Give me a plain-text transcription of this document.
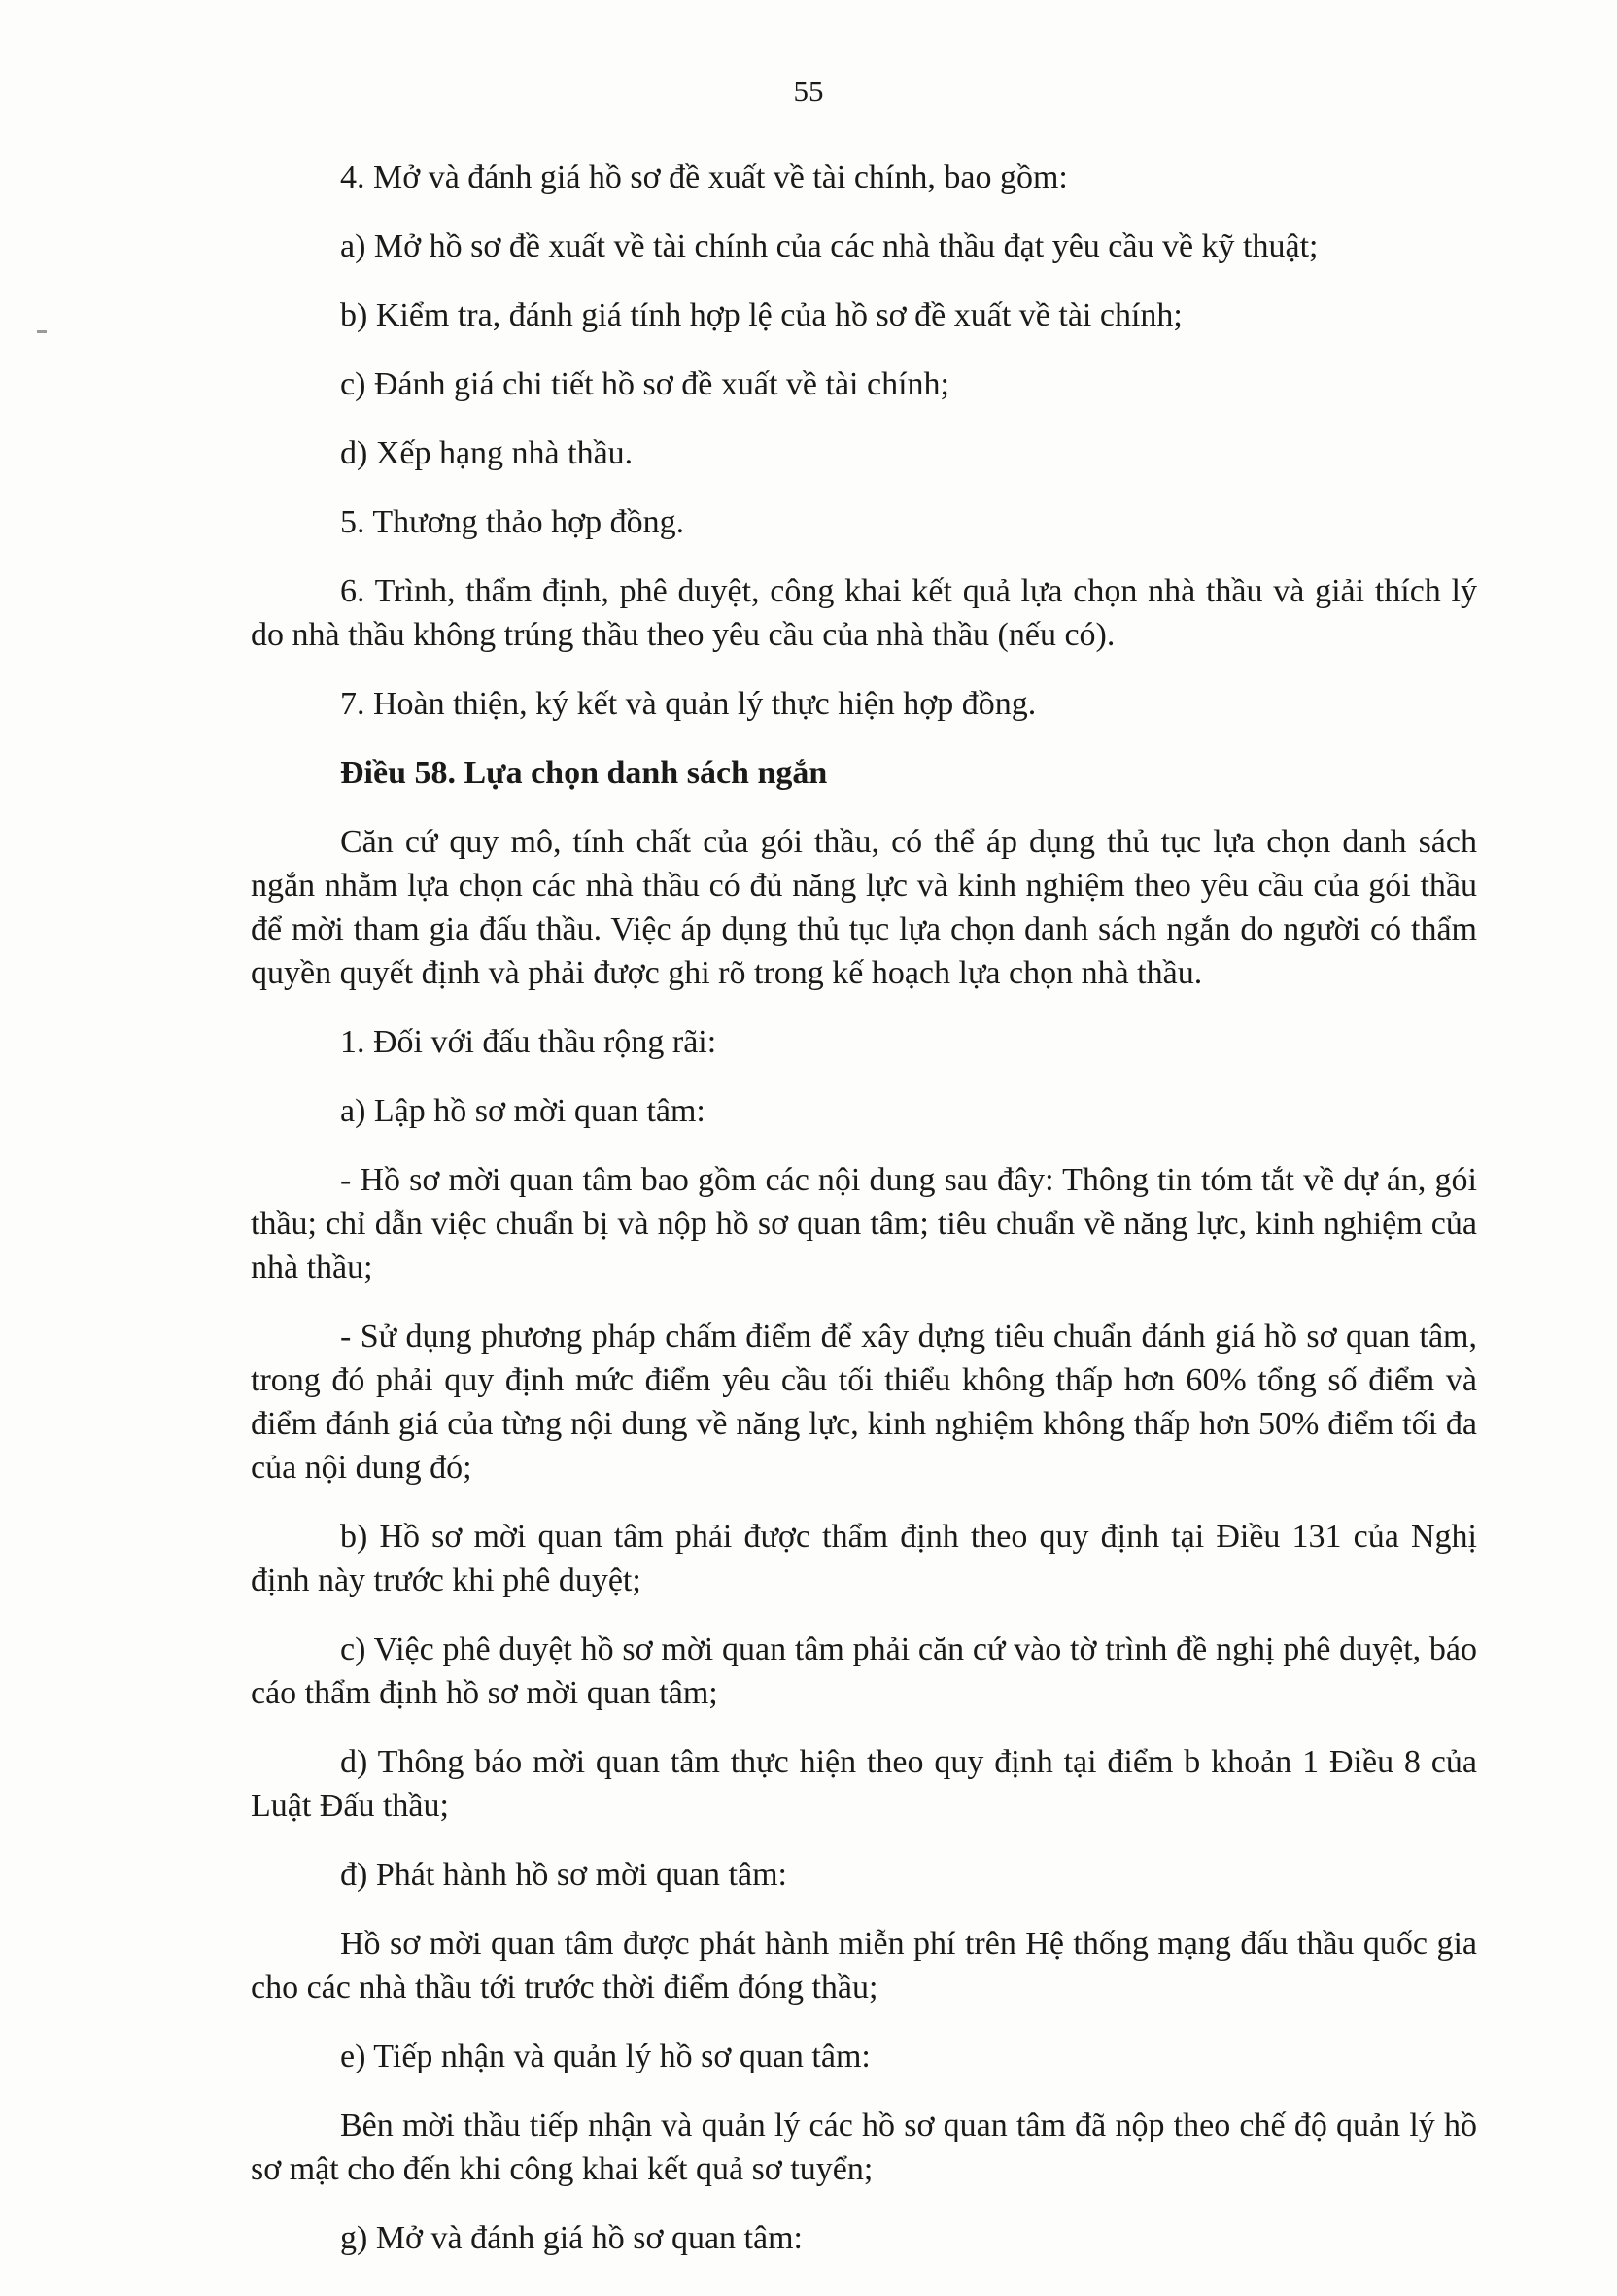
55

4. Mở và đánh giá hồ sơ đề xuất về tài chính, bao gồm:

a) Mở hồ sơ đề xuất về tài chính của các nhà thầu đạt yêu cầu về kỹ thuật;

b) Kiểm tra, đánh giá tính hợp lệ của hồ sơ đề xuất về tài chính;

c) Đánh giá chi tiết hồ sơ đề xuất về tài chính;

d) Xếp hạng nhà thầu.

5. Thương thảo hợp đồng.

6. Trình, thẩm định, phê duyệt, công khai kết quả lựa chọn nhà thầu và giải thích lý do nhà thầu không trúng thầu theo yêu cầu của nhà thầu (nếu có).

7. Hoàn thiện, ký kết và quản lý thực hiện hợp đồng.

Điều 58. Lựa chọn danh sách ngắn

Căn cứ quy mô, tính chất của gói thầu, có thể áp dụng thủ tục lựa chọn danh sách ngắn nhằm lựa chọn các nhà thầu có đủ năng lực và kinh nghiệm theo yêu cầu của gói thầu để mời tham gia đấu thầu. Việc áp dụng thủ tục lựa chọn danh sách ngắn do người có thẩm quyền quyết định và phải được ghi rõ trong kế hoạch lựa chọn nhà thầu.

1. Đối với đấu thầu rộng rãi:

a) Lập hồ sơ mời quan tâm:

- Hồ sơ mời quan tâm bao gồm các nội dung sau đây: Thông tin tóm tắt về dự án, gói thầu; chỉ dẫn việc chuẩn bị và nộp hồ sơ quan tâm; tiêu chuẩn về năng lực, kinh nghiệm của nhà thầu;

- Sử dụng phương pháp chấm điểm để xây dựng tiêu chuẩn đánh giá hồ sơ quan tâm, trong đó phải quy định mức điểm yêu cầu tối thiểu không thấp hơn 60% tổng số điểm và điểm đánh giá của từng nội dung về năng lực, kinh nghiệm không thấp hơn 50% điểm tối đa của nội dung đó;

b) Hồ sơ mời quan tâm phải được thẩm định theo quy định tại Điều 131 của Nghị định này trước khi phê duyệt;

c) Việc phê duyệt hồ sơ mời quan tâm phải căn cứ vào tờ trình đề nghị phê duyệt, báo cáo thẩm định hồ sơ mời quan tâm;

d) Thông báo mời quan tâm thực hiện theo quy định tại điểm b khoản 1 Điều 8 của Luật Đấu thầu;

đ) Phát hành hồ sơ mời quan tâm:

Hồ sơ mời quan tâm được phát hành miễn phí trên Hệ thống mạng đấu thầu quốc gia cho các nhà thầu tới trước thời điểm đóng thầu;

e) Tiếp nhận và quản lý hồ sơ quan tâm:

Bên mời thầu tiếp nhận và quản lý các hồ sơ quan tâm đã nộp theo chế độ quản lý hồ sơ mật cho đến khi công khai kết quả sơ tuyển;

g) Mở và đánh giá hồ sơ quan tâm:
